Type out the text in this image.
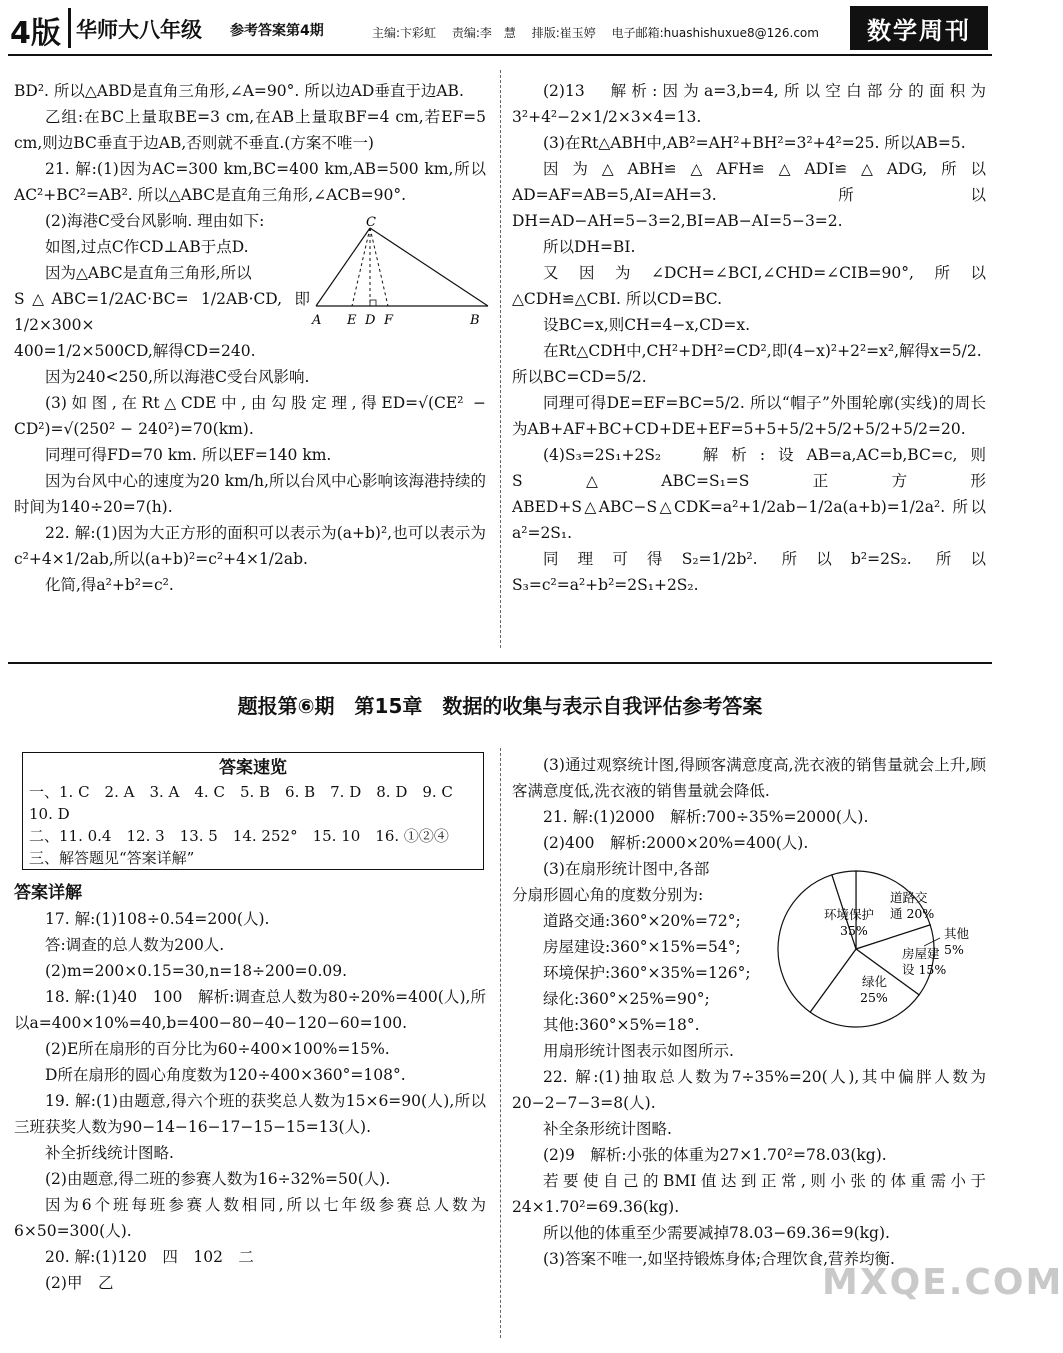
4版 华师大八年级 参考答案第4期	主编:卞彩虹 责编:李　慧 排版:崔玉婷 电子邮箱:huashishuxue8@126.com	数学周刊

BD². 所以△ABD是直角三角形,∠A=90°. 所以边AD垂直于边AB.

乙组:在BC上量取BE=3 cm,在AB上量取BF=4 cm,若EF=5 cm,则边BC垂直于边AB,否则就不垂直.(方案不唯一)

21. 解:(1)因为AC=300 km,BC=400 km,AB=500 km,所以AC²+BC²=AB². 所以△ABC是直角三角形,∠ACB=90°.

(2)海港C受台风影响. 理由如下:

如图,过点C作CD⊥AB于点D.

因为△ABC是直角三角形,所以

S△ABC=1/2AC·BC= 1/2AB·CD, 即 1/2×300×

400=1/2×500CD,解得CD=240.

因为240<250,所以海港C受台风影响.

(3)如图,在Rt△CDE中,由勾股定理,得ED=√(CE² − CD²)=√(250² − 240²)=70(km).

同理可得FD=70 km. 所以EF=140 km.

因为台风中心的速度为20 km/h,所以台风中心影响该海港持续的时间为140÷20=7(h).

22. 解:(1)因为大正方形的面积可以表示为(a+b)²,也可以表示为c²+4×1/2ab,所以(a+b)²=c²+4×1/2ab.

化简,得a²+b²=c².

C
A E D F	B

(2)13　解析:因为a=3,b=4,所以空白部分的面积为3²+4²−2×1/2×3×4=13.

(3)在Rt△ABH中,AB²=AH²+BH²=3²+4²=25. 所以AB=5.

因为△ABH≌△AFH≌△ADI≌△ADG,所以AD=AF=AB=5,AI=AH=3. 所以DH=AD−AH=5−3=2,BI=AB−AI=5−3=2.

所以DH=BI.

又因为∠DCH=∠BCI,∠CHD=∠CIB=90°,所以△CDH≌△CBI. 所以CD=BC.

设BC=x,则CH=4−x,CD=x.

在Rt△CDH中,CH²+DH²=CD²,即(4−x)²+2²=x²,解得x=5/2.

所以BC=CD=5/2.

同理可得DE=EF=BC=5/2. 所以“帽子”外围轮廓(实线)的周长为AB+AF+BC+CD+DE+EF=5+5+5/2+5/2+5/2+5/2=20.

(4)S₃=2S₁+2S₂　解析:设AB=a,AC=b,BC=c,则S△ABC=S₁=S正方形ABED+S△ABC−S△CDK=a²+1/2ab−1/2a(a+b)=1/2a². 所以a²=2S₁.

同理可得S₂=1/2b². 所以b²=2S₂. 所以S₃=c²=a²+b²=2S₁+2S₂.

题报第⑥期　第15章　数据的收集与表示自我评估参考答案
答案速览

一、1. C　2. A　3. A　4. C　5. B　6. B　7. D　8. D　9. C

10. D

二、11. 0.4　12. 3　13. 5　14. 252°　15. 10　16. ①②④

三、解答题见“答案详解”

答案详解

17. 解:(1)108÷0.54=200(人).

答:调查的总人数为200人.

(2)m=200×0.15=30,n=18÷200=0.09.

18. 解:(1)40　100　解析:调查总人数为80÷20%=400(人),所以a=400×10%=40,b=400−80−40−120−60=100.

(2)E所在扇形的百分比为60÷400×100%=15%.

D所在扇形的圆心角度数为120÷400×360°=108°.

19. 解:(1)由题意,得六个班的获奖总人数为15×6=90(人),所以三班获奖人数为90−14−16−17−15−15=13(人).

补全折线统计图略.

(2)由题意,得二班的参赛人数为16÷32%=50(人).

因为6个班每班参赛人数相同,所以七年级参赛总人数为6×50=300(人).

20. 解:(1)120　四　102　二

(2)甲　乙

(3)通过观察统计图,得顾客满意度高,洗衣液的销售量就会上升,顾客满意度低,洗衣液的销售量就会降低.

21. 解:(1)2000　解析:700÷35%=2000(人).

(2)400　解析:2000×20%=400(人).

(3)在扇形统计图中,各部

分扇形圆心角的度数分别为:

道路交通:360°×20%=72°;

房屋建设:360°×15%=54°;

环境保护:360°×35%=126°;

绿化:360°×25%=90°;

其他:360°×5%=18°.

用扇形统计图表示如图所示.

22. 解:(1)抽取总人数为7÷35%=20(人),其中偏胖人数为20−2−7−3=8(人).

补全条形统计图略.

(2)9　解析:小张的体重为27×1.70²=78.03(kg).

若要使自己的BMI值达到正常,则小张的体重需小于24×1.70²=69.36(kg).

所以他的体重至少需要减掉78.03−69.36=9(kg).

(3)答案不唯一,如坚持锻炼身体;合理饮食,营养均衡.

环境保护
35%
道路交
通 20%
房屋建
设 15%
绿化
25%
其他
5%
MXQE.COM
